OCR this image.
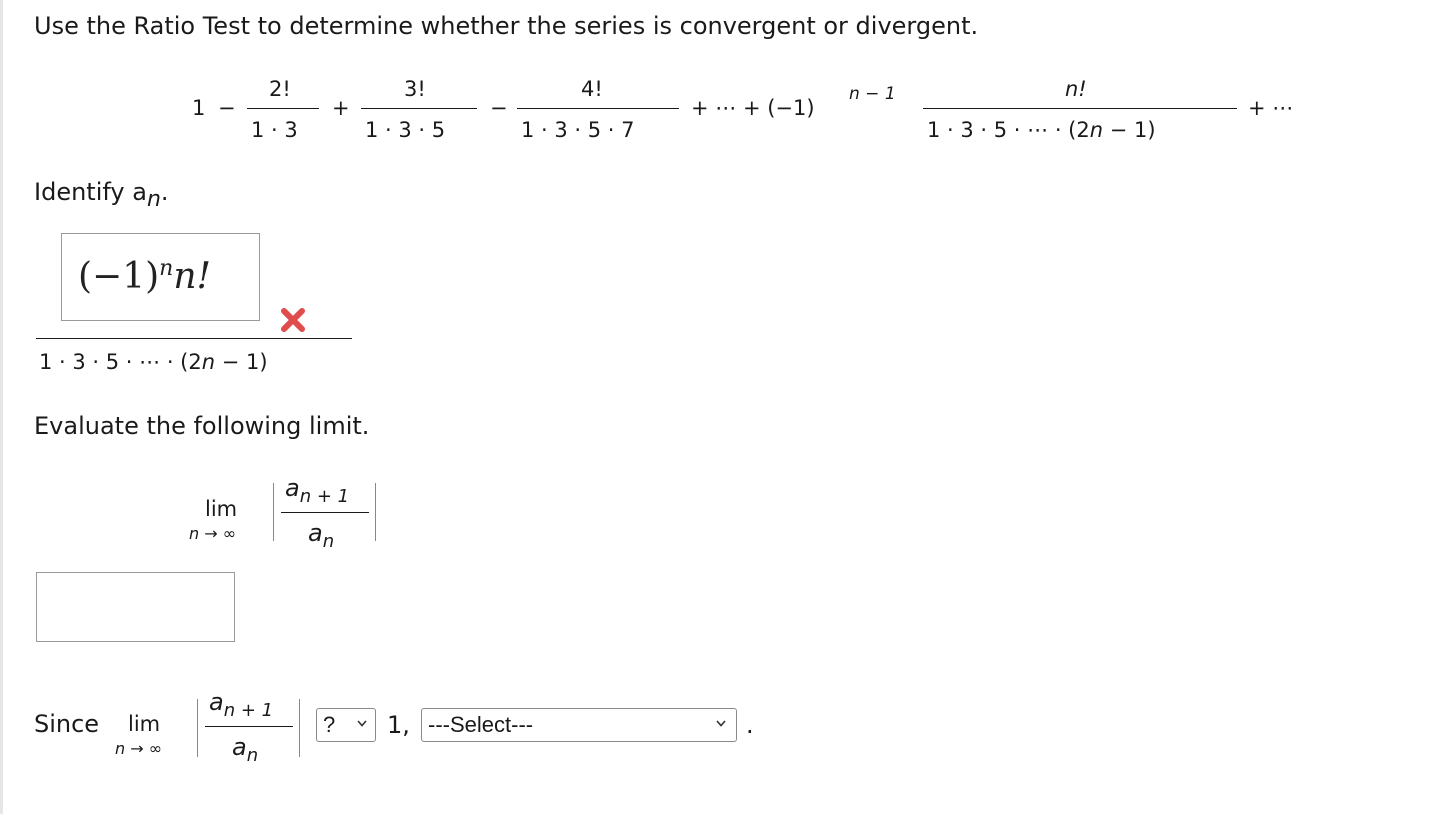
Use the Ratio Test to determine whether the series is convergent or divergent.
1 −
2!
1 · 3
+
3!
1 · 3 · 5
−
4!
1 · 3 · 5 · 7
+ ⋯ + (−1)
n − 1	n!
1 · 3 · 5 · ⋯ · (2n − 1)
+ ⋯
Identify $a_n$.
$(-1)^nn$!
1 · 3 · 5 · ⋯ · (2n − 1)
Evaluate the following limit.
lim
n → ∞
$a_{n + 1}$
$a_n$
Since lim
n → ∞
$a_{n + 1}$
$a_n$
?	1, ---Select---	.
